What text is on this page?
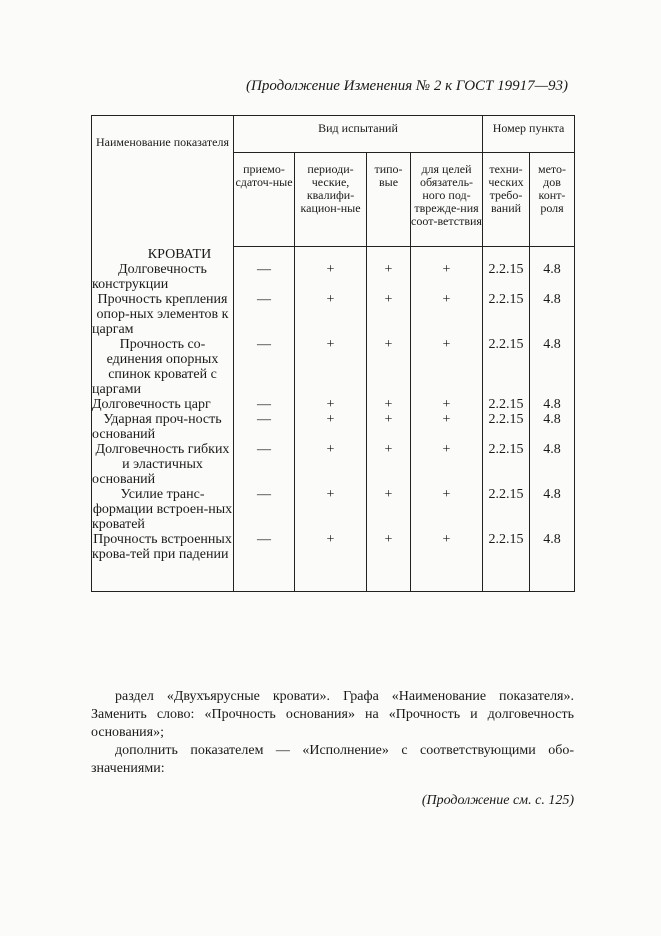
(Продолжение Изменения № 2 к ГОСТ 19917—93)
Наименование показателя	Вид испытаний				Номер пункта	
	приемо-сдаточ-ные	периоди-ческие, квалифи-кацион-ные	типо-вые	для целей обязатель-ного под-тврежде-ния соот-ветствия	техни-ческих требо-ваний	мето-дов конт-роля
КРОВАТИ						
Долговечность конструкции	—	+	+	+	2.2.15	4.8
Прочность крепления опор-ных элементов к царгам	—	+	+	+	2.2.15	4.8
Прочность со-единения опорных спинок кроватей с царгами	—	+	+	+	2.2.15	4.8
Долговечность царг	—	+	+	+	2.2.15	4.8
Ударная проч-ность оснований	—	+	+	+	2.2.15	4.8
Долговечность гибких и эластичных оснований	—	+	+	+	2.2.15	4.8
Усилие транс-формации встроен-ных кроватей	—	+	+	+	2.2.15	4.8
Прочность встроенных крова-тей при падении	—	+	+	+	2.2.15	4.8

раздел «Двухъярусные кровати». Графа «Наименование показателя». Заменить слово: «Прочность основания» на «Прочность и долговечность основания»;

дополнить показателем — «Исполнение» с соответствующими обо-значениями:

(Продолжение см. с. 125)
